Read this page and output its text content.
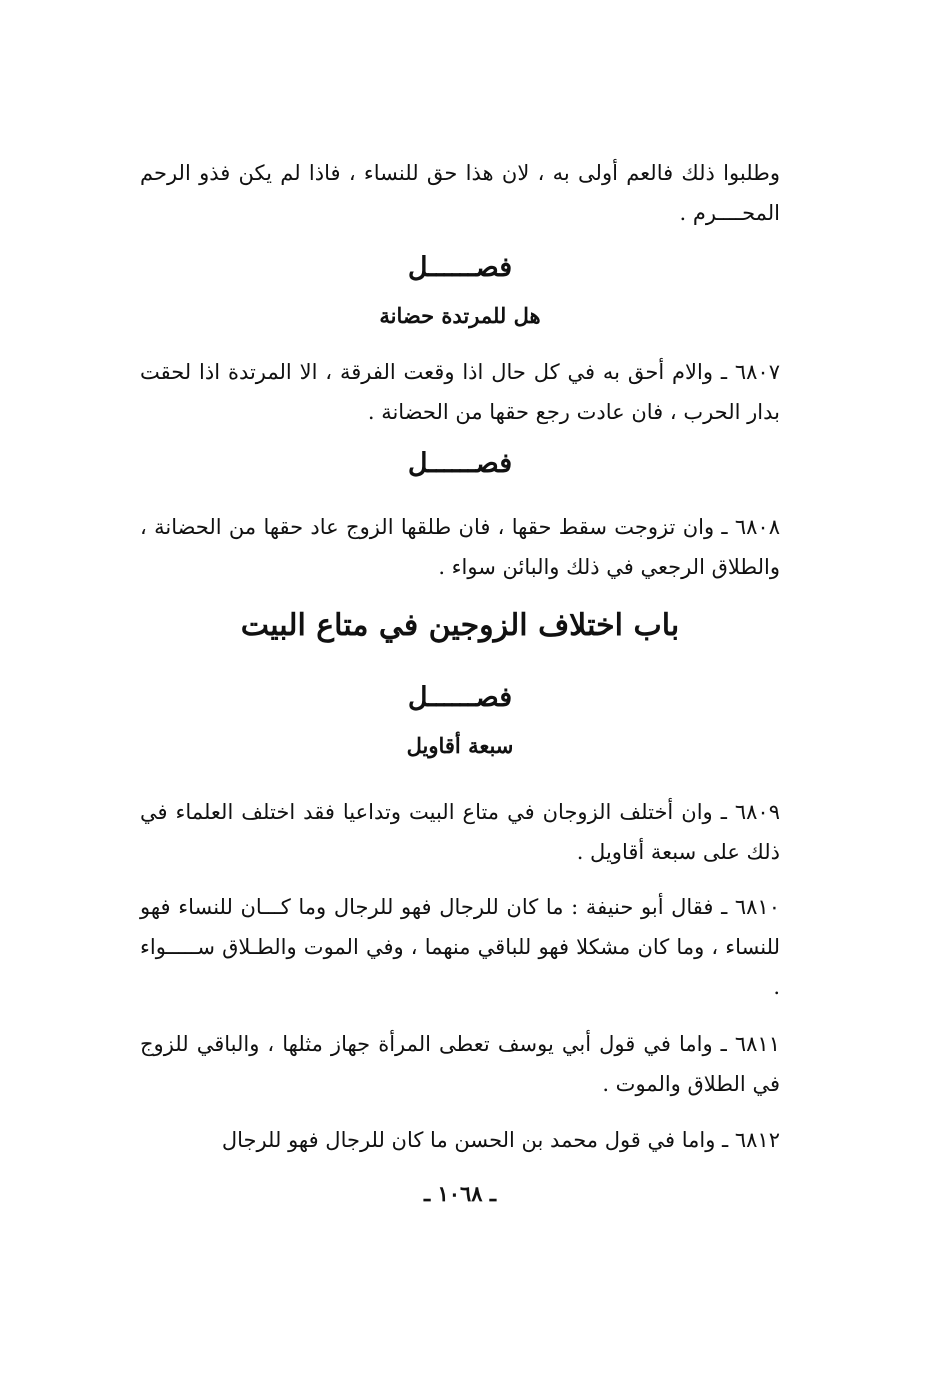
وطلبوا ذلك فالعم أولى به ، لان هذا حق للنساء ، فاذا لم يكن فذو الرحم المحــــرم .

فصــــــل
هل للمرتدة حضانة

٦٨٠٧ ـ والام أحق به في كل حال اذا وقعت الفرقة ، الا المرتدة اذا لحقت بدار الحرب ، فان عادت رجع حقها من الحضانة .

فصــــــل

٦٨٠٨ ـ وان تزوجت سقط حقها ، فان طلقها الزوج عاد حقها من الحضانة ، والطلاق الرجعي في ذلك والبائن سواء .

باب اختلاف الزوجين في متاع البيت
فصــــــل
سبعة أقاويل

٦٨٠٩ ـ وان أختلف الزوجان في متاع البيت وتداعيا فقد اختلف العلماء في ذلك على سبعة أقاويل .

٦٨١٠ ـ فقال أبو حنيفة : ما كان للرجال فهو للرجال وما كـــان للنساء فهو للنساء ، وما كان مشكلا فهو للباقي منهما ، وفي الموت والطـلاق ســـــواء .

٦٨١١ ـ واما في قول أبي يوسف تعطى المرأة جهاز مثلها ، والباقي للزوج في الطلاق والموت .

٦٨١٢ ـ واما في قول محمد بن الحسن ما كان للرجال فهو للرجال

ـ ١٠٦٨ ـ
